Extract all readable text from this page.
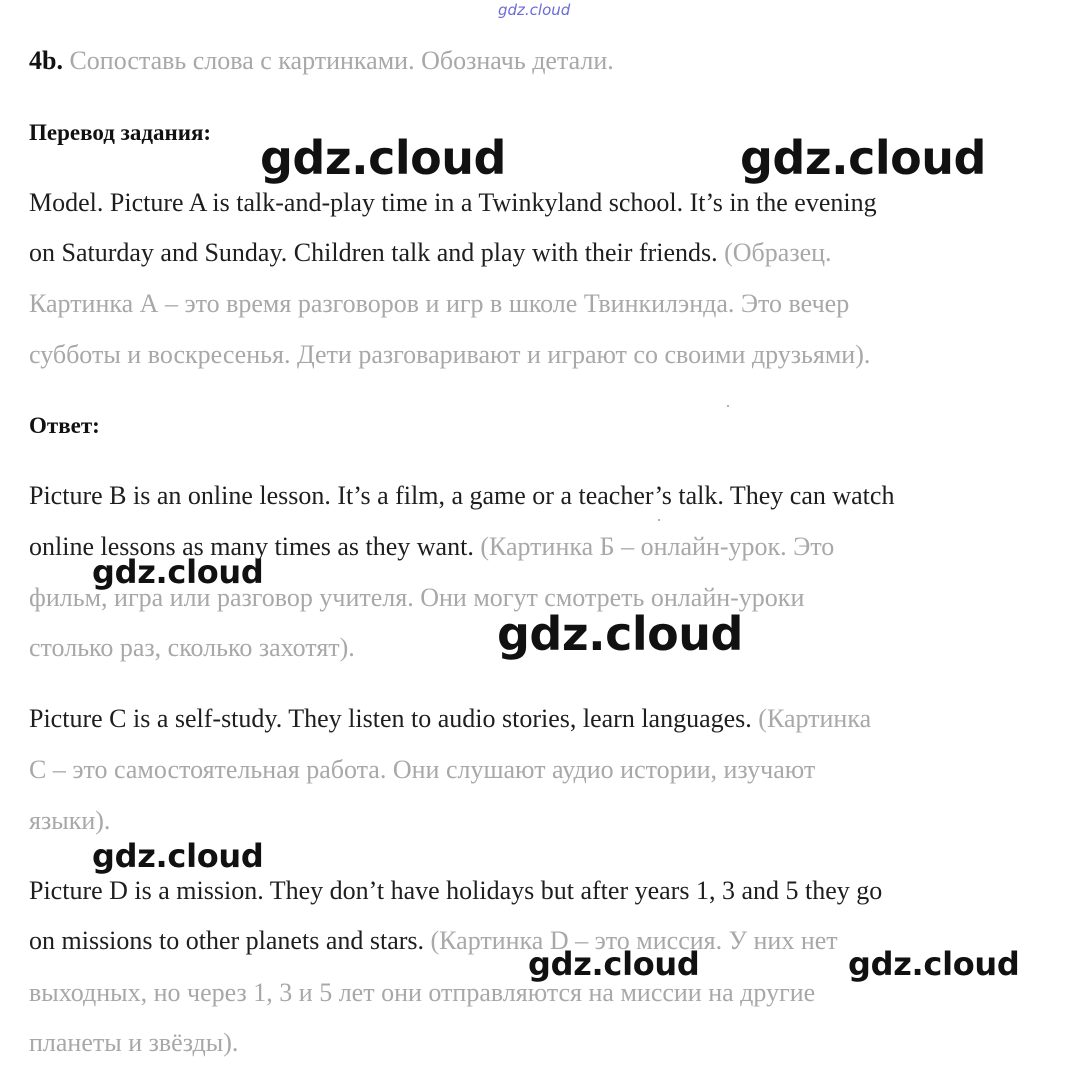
gdz.cloud
4b. Сопоставь слова с картинками. Обозначь детали.
Перевод задания:
Model. Picture A is talk-and-play time in a Twinkyland school. It’s in the evening
on Saturday and Sunday. Children talk and play with their friends. (Образец.
Картинка А – это время разговоров и игр в школе Твинкилэнда. Это вечер
субботы и воскресенья. Дети разговаривают и играют со своими друзьями).
Ответ:
Picture B is an online lesson. It’s a film, a game or a teacher’s talk. They can watch
online lessons as many times as they want. (Картинка Б – онлайн-урок. Это
фильм, игра или разговор учителя. Они могут смотреть онлайн-уроки
столько раз, сколько захотят).
Picture C is a self-study. They listen to audio stories, learn languages. (Картинка
С – это самостоятельная работа. Они слушают аудио истории, изучают
языки).
Picture D is a mission. They don’t have holidays but after years 1, 3 and 5 they go
on missions to other planets and stars. (Картинка D – это миссия. У них нет
выходных, но через 1, 3 и 5 лет они отправляются на миссии на другие
планеты и звёзды).
gdz.cloud	gdz.cloud
gdz.cloud
gdz.cloud
gdz.cloud
gdz.cloud	gdz.cloud
